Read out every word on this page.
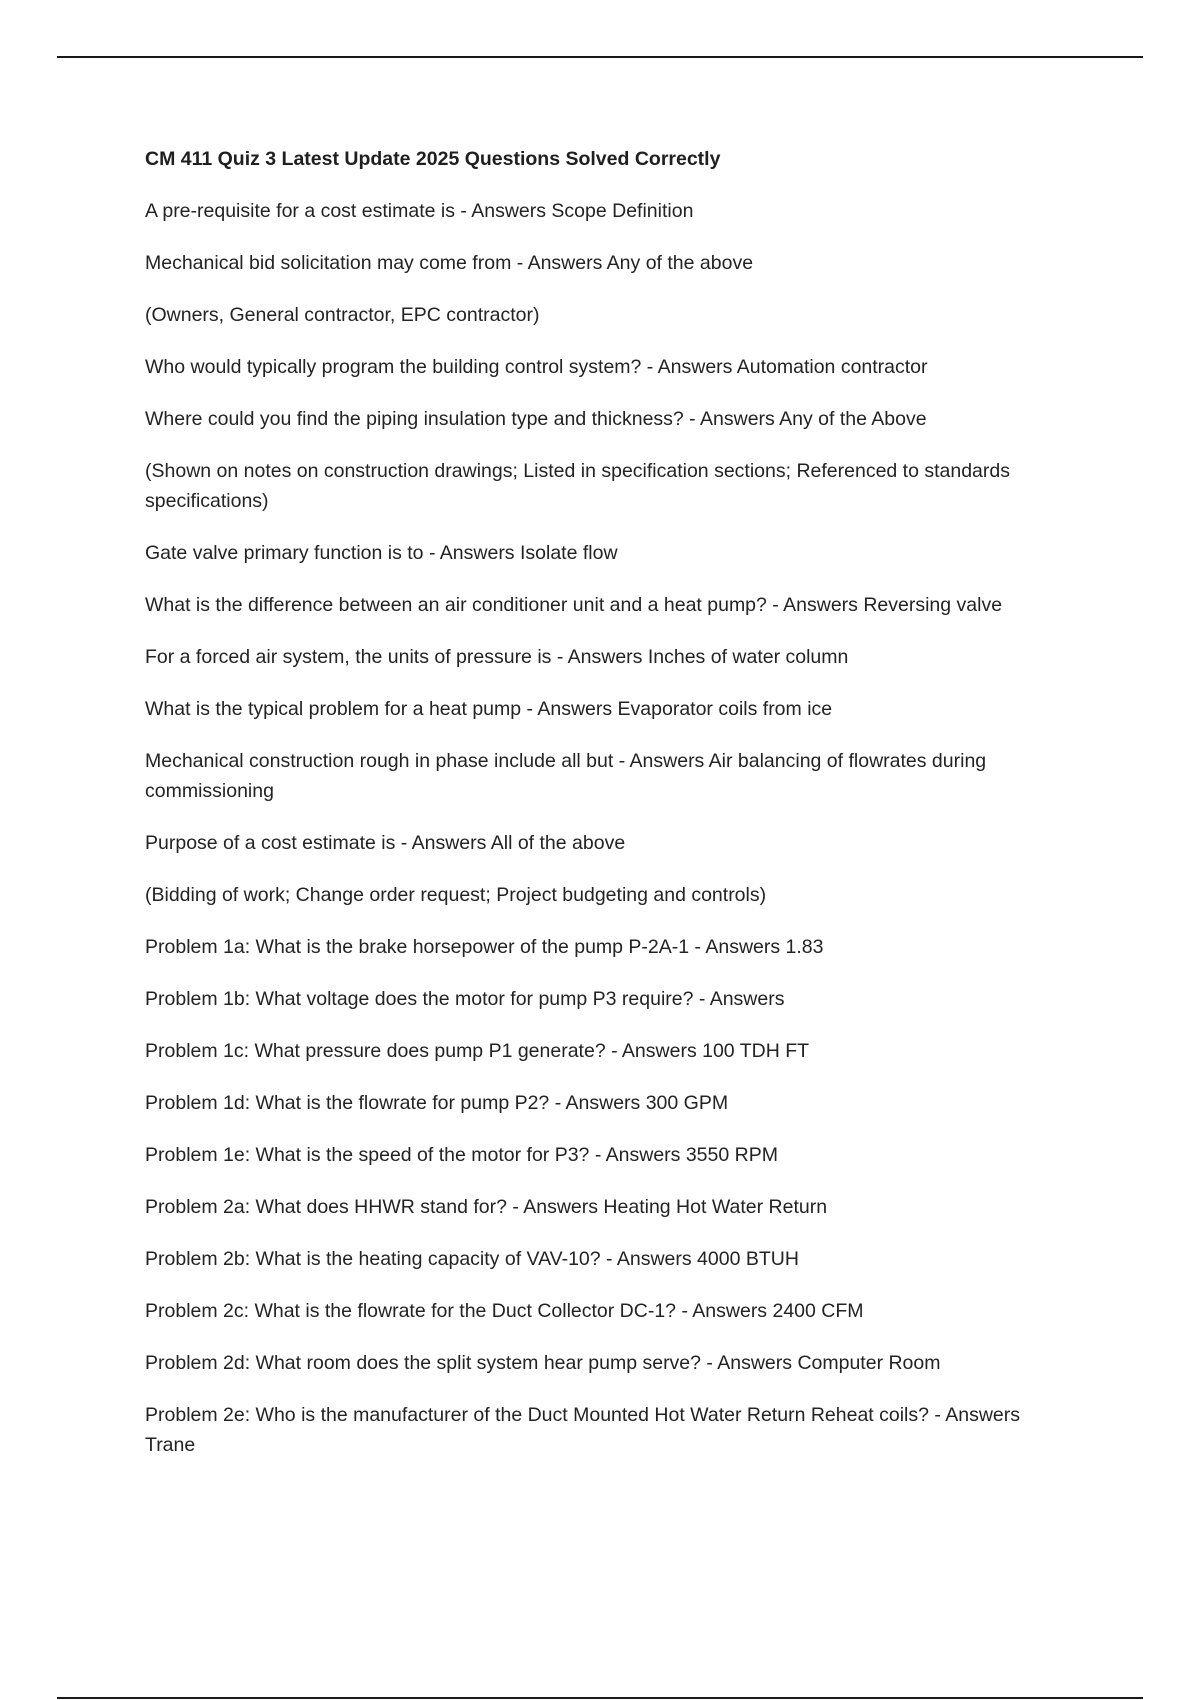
CM 411 Quiz 3 Latest Update 2025 Questions Solved Correctly
A pre-requisite for a cost estimate is - Answers Scope Definition
Mechanical bid solicitation may come from - Answers Any of the above
(Owners, General contractor, EPC contractor)
Who would typically program the building control system? - Answers Automation contractor
Where could you find the piping insulation type and thickness? - Answers Any of the Above
(Shown on notes on construction drawings; Listed in specification sections; Referenced to standards specifications)
Gate valve primary function is to - Answers Isolate flow
What is the difference between an air conditioner unit and a heat pump? - Answers Reversing valve
For a forced air system, the units of pressure is - Answers Inches of water column
What is the typical problem for a heat pump - Answers Evaporator coils from ice
Mechanical construction rough in phase include all but - Answers Air balancing of flowrates during commissioning
Purpose of a cost estimate is - Answers All of the above
(Bidding of work; Change order request; Project budgeting and controls)
Problem 1a: What is the brake horsepower of the pump P-2A-1 - Answers 1.83
Problem 1b: What voltage does the motor for pump P3 require? - Answers
Problem 1c: What pressure does pump P1 generate? - Answers 100 TDH FT
Problem 1d: What is the flowrate for pump P2? - Answers 300 GPM
Problem 1e: What is the speed of the motor for P3? - Answers 3550 RPM
Problem 2a: What does HHWR stand for? - Answers Heating Hot Water Return
Problem 2b: What is the heating capacity of VAV-10? - Answers 4000 BTUH
Problem 2c: What is the flowrate for the Duct Collector DC-1? - Answers 2400 CFM
Problem 2d: What room does the split system hear pump serve? - Answers Computer Room
Problem 2e: Who is the manufacturer of the Duct Mounted Hot Water Return Reheat coils? - Answers Trane
